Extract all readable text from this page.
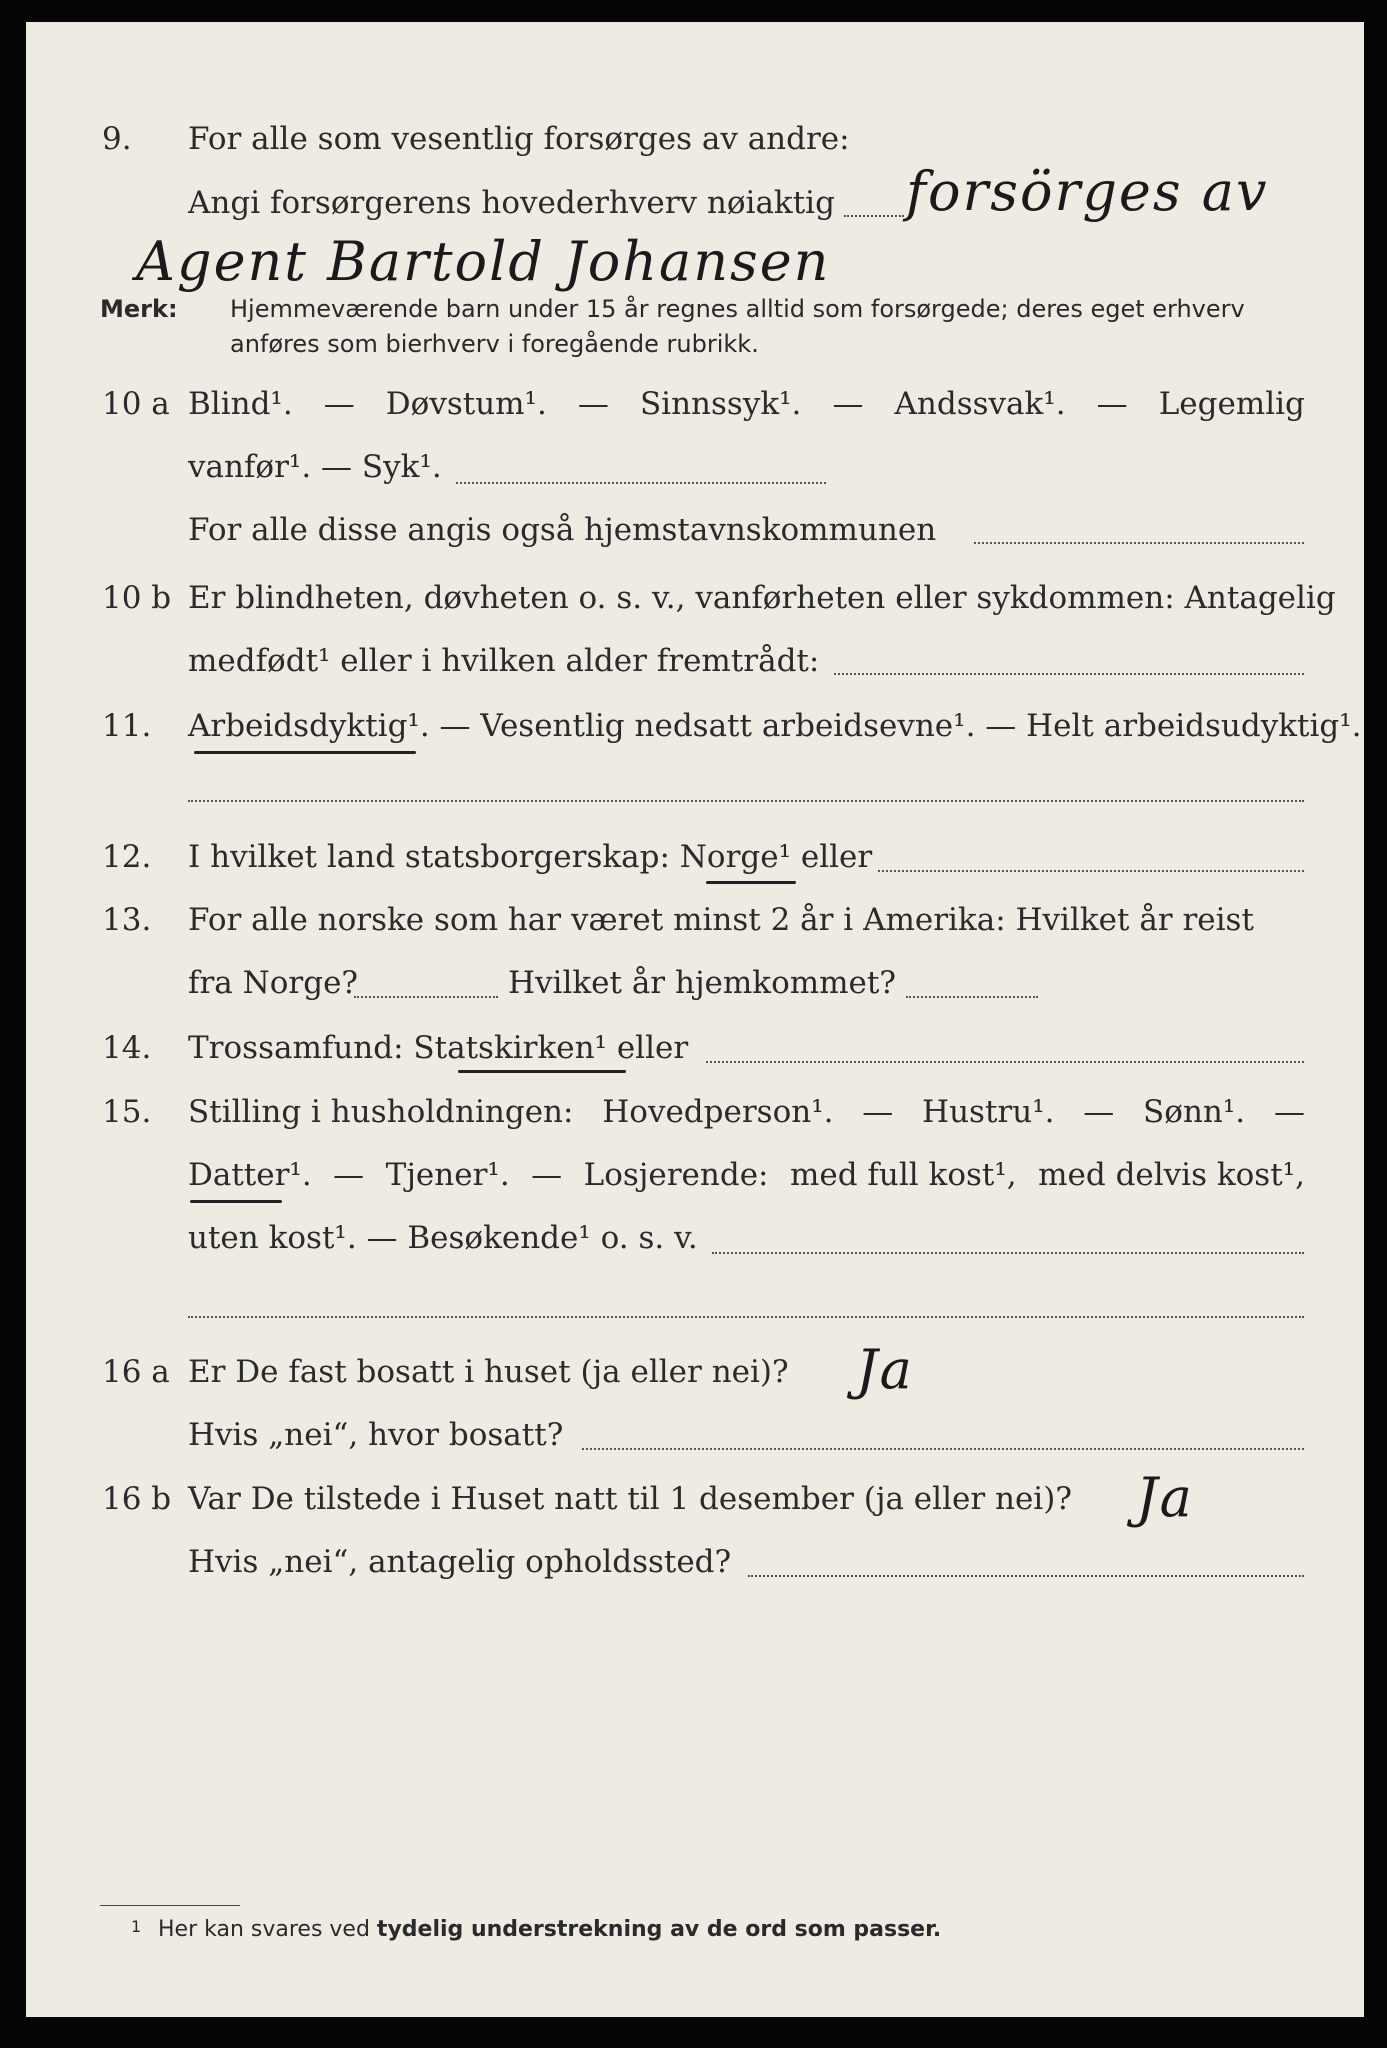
9. For alle som vesentlig forsørges av andre:
Angi forsørgerens hovederhverv nøiaktig forsörges av
Agent Bartold Johansen
Merk: Hjemmeværende barn under 15 år regnes alltid som forsørgede; deres eget erhverv
anføres som bierhverv i foregående rubrikk.
10 a Blind¹. — Døvstum¹. — Sinnssyk¹. — Andssvak¹. — Legemlig
vanfør¹. — Syk¹.
For alle disse angis også hjemstavnskommunen
10 b Er blindheten, døvheten o. s. v., vanførheten eller sykdommen: Antagelig
medfødt¹ eller i hvilken alder fremtrådt:
11. Arbeidsdyktig¹. — Vesentlig nedsatt arbeidsevne¹. — Helt arbeidsudyktig¹.
12. I hvilket land statsborgerskap: Norge¹ eller
13. For alle norske som har været minst 2 år i Amerika: Hvilket år reist
fra Norge?	Hvilket år hjemkommet?
14. Trossamfund: Statskirken¹ eller
15. Stilling i husholdningen: Hovedperson¹. — Hustru¹. — Sønn¹. —
Datter¹. — Tjener¹. — Losjerende: med full kost¹, med delvis kost¹,
uten kost¹. — Besøkende¹ o. s. v.
16 a Er De fast bosatt i huset (ja eller nei)? Ja
Hvis „nei“, hvor bosatt?
16 b Var De tilstede i Huset natt til 1 desember (ja eller nei)? Ja
Hvis „nei“, antagelig opholdssted?
1 Her kan svares ved tydelig understrekning av de ord som passer.
